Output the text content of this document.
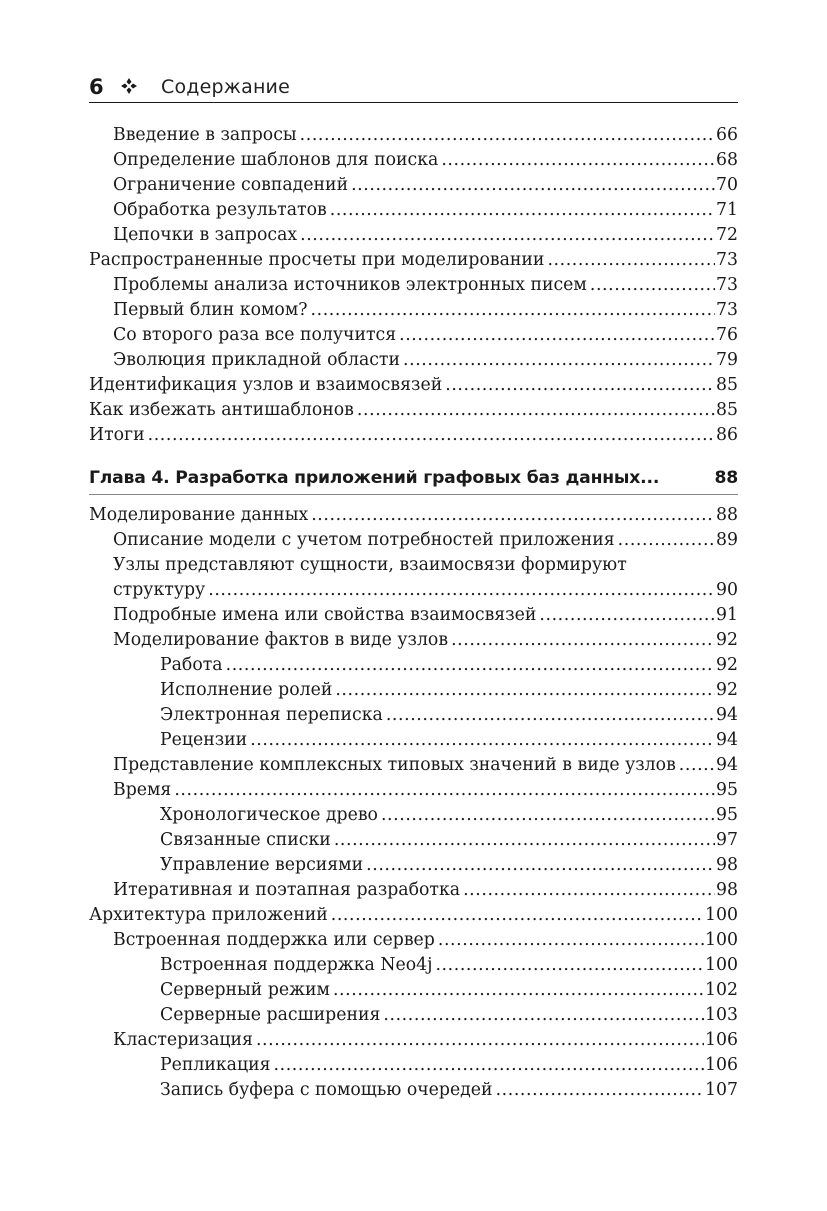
6	Содержание
Введение в запросы .....	66
Определение шаблонов для поиска .....	68
Ограничение совпадений .....	70
Обработка результатов .....	71
Цепочки в запросах .....	72
Распространенные просчеты при моделировании .....	73
Проблемы анализа источников электронных писем .....	73
Первый блин комом? .....	73
Со второго раза все получится .....	76
Эволюция прикладной области .....	79
Идентификация узлов и взаимосвязей .....	85
Как избежать антишаблонов .....	85
Итоги .....	86
Глава 4. Разработка приложений графовых баз данных...	88
Моделирование данных .....	88
Описание модели с учетом потребностей приложения .....	89
Узлы представляют сущности, взаимосвязи формируют
структуру .....	90
Подробные имена или свойства взаимосвязей .....	91
Моделирование фактов в виде узлов .....	92
Работа .....	92
Исполнение ролей .....	92
Электронная переписка .....	94
Рецензии .....	94
Представление комплексных типовых значений в виде узлов ..... 94
Время .....	95
Хронологическое древо .....	95
Связанные списки .....	97
Управление версиями .....	98
Итеративная и поэтапная разработка .....	98
Архитектура приложений .....	100
Встроенная поддержка или сервер .....	100
Встроенная поддержка Neo4j .....	100
Серверный режим .....	102
Серверные расширения .....	103
Кластеризация .....	106
Репликация .....	106
Запись буфера с помощью очередей .....	107
